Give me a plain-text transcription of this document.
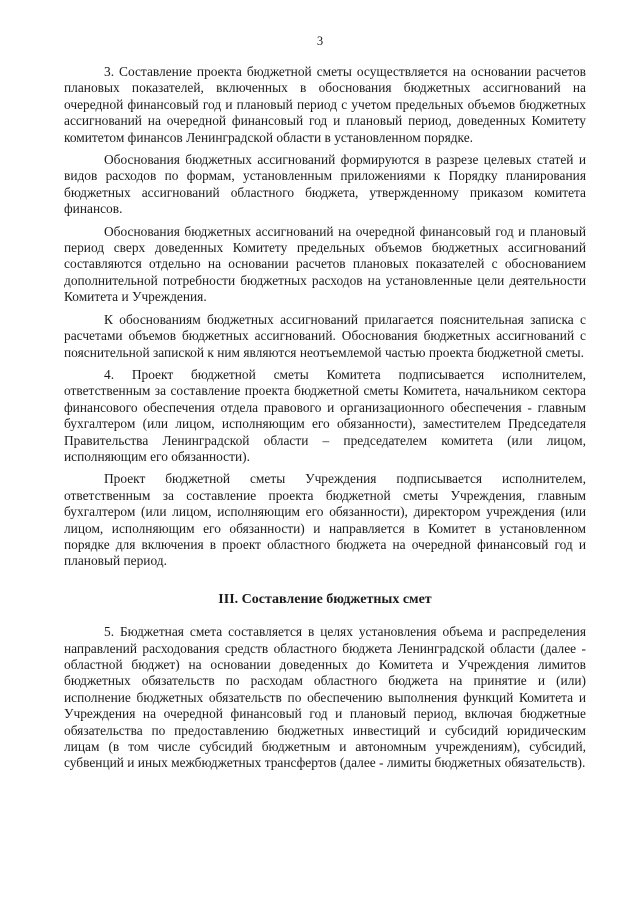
3

3. Составление проекта бюджетной сметы осуществляется на основании расчетов плановых показателей, включенных в обоснования бюджетных ассигнований на очередной финансовый год и плановый период с учетом предельных объемов бюджетных ассигнований на очередной финансовый год и плановый период, доведенных Комитету комитетом финансов Ленинградской области в установленном порядке.

Обоснования бюджетных ассигнований формируются в разрезе целевых статей и видов расходов по формам, установленным приложениями к Порядку планирования бюджетных ассигнований областного бюджета, утвержденному приказом комитета финансов.

Обоснования бюджетных ассигнований на очередной финансовый год и плановый период сверх доведенных Комитету предельных объемов бюджетных ассигнований составляются отдельно на основании расчетов плановых показателей с обоснованием дополнительной потребности бюджетных расходов на установленные цели деятельности Комитета и Учреждения.

К обоснованиям бюджетных ассигнований прилагается пояснительная записка с расчетами объемов бюджетных ассигнований. Обоснования бюджетных ассигнований с пояснительной запиской к ним являются неотъемлемой частью проекта бюджетной сметы.

4. Проект бюджетной сметы Комитета подписывается исполнителем, ответственным за составление проекта бюджетной сметы Комитета, начальником сектора финансового обеспечения отдела правового и организационного обеспечения - главным бухгалтером (или лицом, исполняющим его обязанности), заместителем Председателя Правительства Ленинградской области – председателем комитета (или лицом, исполняющим его обязанности).

Проект бюджетной сметы Учреждения подписывается исполнителем, ответственным за составление проекта бюджетной сметы Учреждения, главным бухгалтером (или лицом, исполняющим его обязанности), директором учреждения (или лицом, исполняющим его обязанности) и направляется в Комитет в установленном порядке для включения в проект областного бюджета на очередной финансовый год и плановый период.

III. Составление бюджетных смет

5. Бюджетная смета составляется в целях установления объема и распределения направлений расходования средств областного бюджета Ленинградской области (далее - областной бюджет) на основании доведенных до Комитета и Учреждения лимитов бюджетных обязательств по расходам областного бюджета на принятие и (или) исполнение бюджетных обязательств по обеспечению выполнения функций Комитета и Учреждения на очередной финансовый год и плановый период, включая бюджетные обязательства по предоставлению бюджетных инвестиций и субсидий юридическим лицам (в том числе субсидий бюджетным и автономным учреждениям), субсидий, субвенций и иных межбюджетных трансфертов (далее - лимиты бюджетных обязательств).
